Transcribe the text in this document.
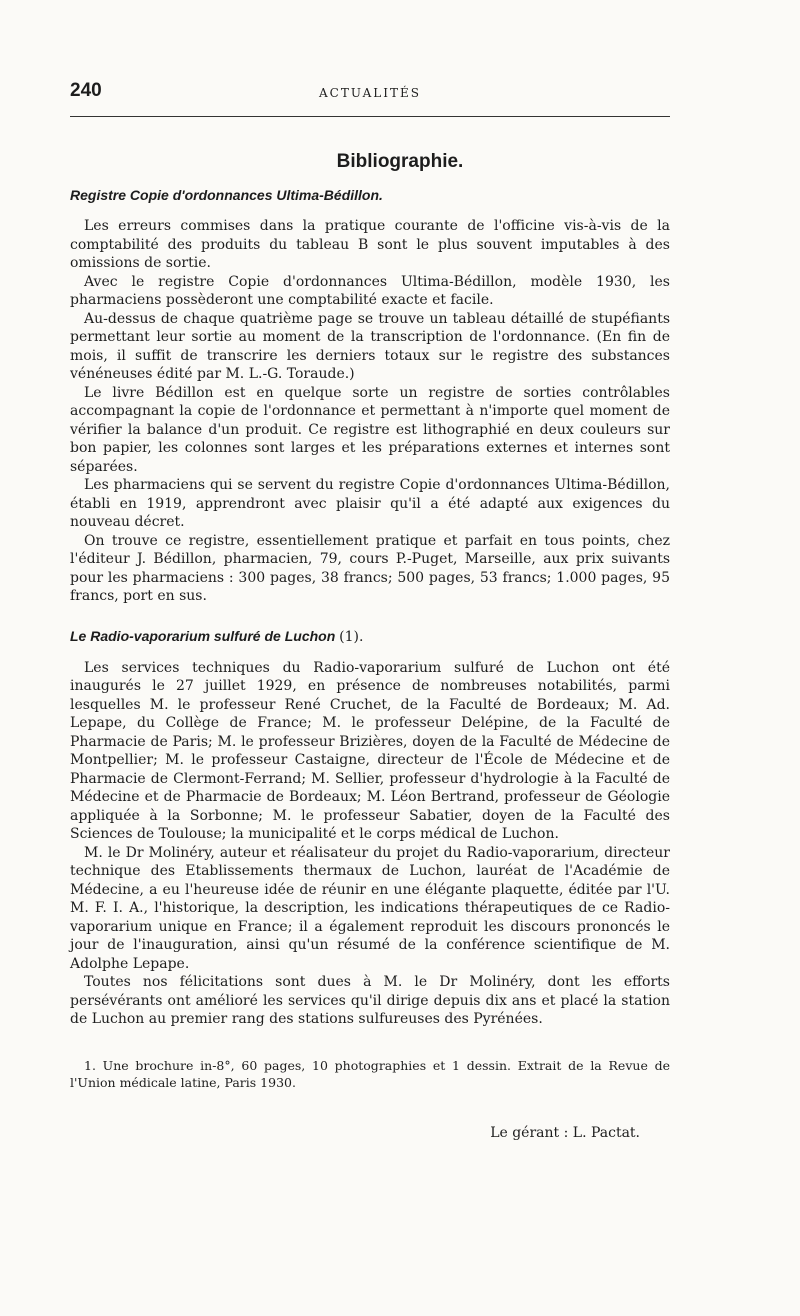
240	ACTUALITÉS
Bibliographie.
Registre Copie d'ordonnances Ultima-Bédillon.

Les erreurs commises dans la pratique courante de l'officine vis-à-vis de la comptabilité des produits du tableau B sont le plus souvent imputables à des omissions de sortie.

Avec le registre Copie d'ordonnances Ultima-Bédillon, modèle 1930, les pharmaciens possèderont une comptabilité exacte et facile.

Au-dessus de chaque quatrième page se trouve un tableau détaillé de stupéfiants permettant leur sortie au moment de la transcription de l'ordonnance. (En fin de mois, il suffit de transcrire les derniers totaux sur le registre des substances vénéneuses édité par M. L.-G. Toraude.)

Le livre Bédillon est en quelque sorte un registre de sorties contrôlables accompagnant la copie de l'ordonnance et permettant à n'importe quel moment de vérifier la balance d'un produit. Ce registre est lithographié en deux couleurs sur bon papier, les colonnes sont larges et les préparations externes et internes sont séparées.

Les pharmaciens qui se servent du registre Copie d'ordonnances Ultima-Bédillon, établi en 1919, apprendront avec plaisir qu'il a été adapté aux exigences du nouveau décret.

On trouve ce registre, essentiellement pratique et parfait en tous points, chez l'éditeur J. Bédillon, pharmacien, 79, cours P.-Puget, Marseille, aux prix suivants pour les pharmaciens : 300 pages, 38 francs; 500 pages, 53 francs; 1.000 pages, 95 francs, port en sus.

Le Radio-vaporarium sulfuré de Luchon (1).

Les services techniques du Radio-vaporarium sulfuré de Luchon ont été inaugurés le 27 juillet 1929, en présence de nombreuses notabilités, parmi lesquelles M. le professeur René Cruchet, de la Faculté de Bordeaux; M. Ad. Lepape, du Collège de France; M. le professeur Delépine, de la Faculté de Pharmacie de Paris; M. le professeur Brizières, doyen de la Faculté de Médecine de Montpellier; M. le professeur Castaigne, directeur de l'École de Médecine et de Pharmacie de Clermont-Ferrand; M. Sellier, professeur d'hydrologie à la Faculté de Médecine et de Pharmacie de Bordeaux; M. Léon Bertrand, professeur de Géologie appliquée à la Sorbonne; M. le professeur Sabatier, doyen de la Faculté des Sciences de Toulouse; la municipalité et le corps médical de Luchon.

M. le Dr Molinéry, auteur et réalisateur du projet du Radio-vaporarium, directeur technique des Etablissements thermaux de Luchon, lauréat de l'Académie de Médecine, a eu l'heureuse idée de réunir en une élégante plaquette, éditée par l'U. M. F. I. A., l'historique, la description, les indications thérapeutiques de ce Radio-vaporarium unique en France; il a également reproduit les discours prononcés le jour de l'inauguration, ainsi qu'un résumé de la conférence scientifique de M. Adolphe Lepape.

Toutes nos félicitations sont dues à M. le Dr Molinéry, dont les efforts persévérants ont amélioré les services qu'il dirige depuis dix ans et placé la station de Luchon au premier rang des stations sulfureuses des Pyrénées.

1. Une brochure in-8°, 60 pages, 10 photographies et 1 dessin. Extrait de la Revue de l'Union médicale latine, Paris 1930.
Le gérant : L. Pactat.
